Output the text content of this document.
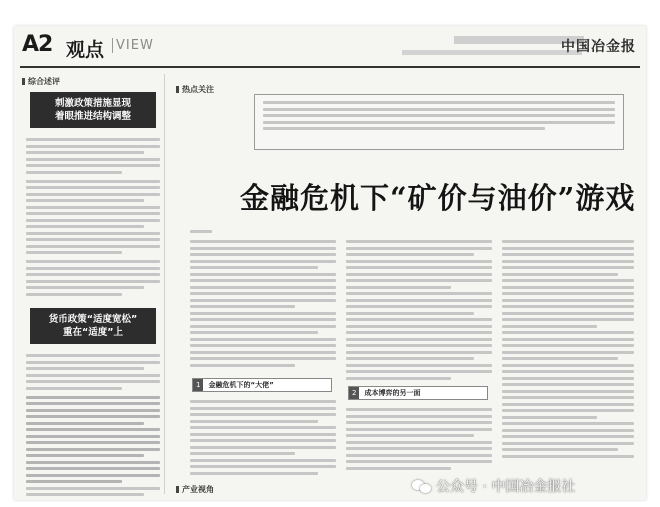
A2 观点 VIEW	中国冶金报
综合述评
刺激政策措施显现
着眼推进结构调整
货币政策“适度宽松”
重在“适度”上
热点关注
金融危机下“矿价与油价”游戏
1	金融危机下的“大佬”
2	成本博弈的另一面
产业视角	公众号 · 中国冶金报社
